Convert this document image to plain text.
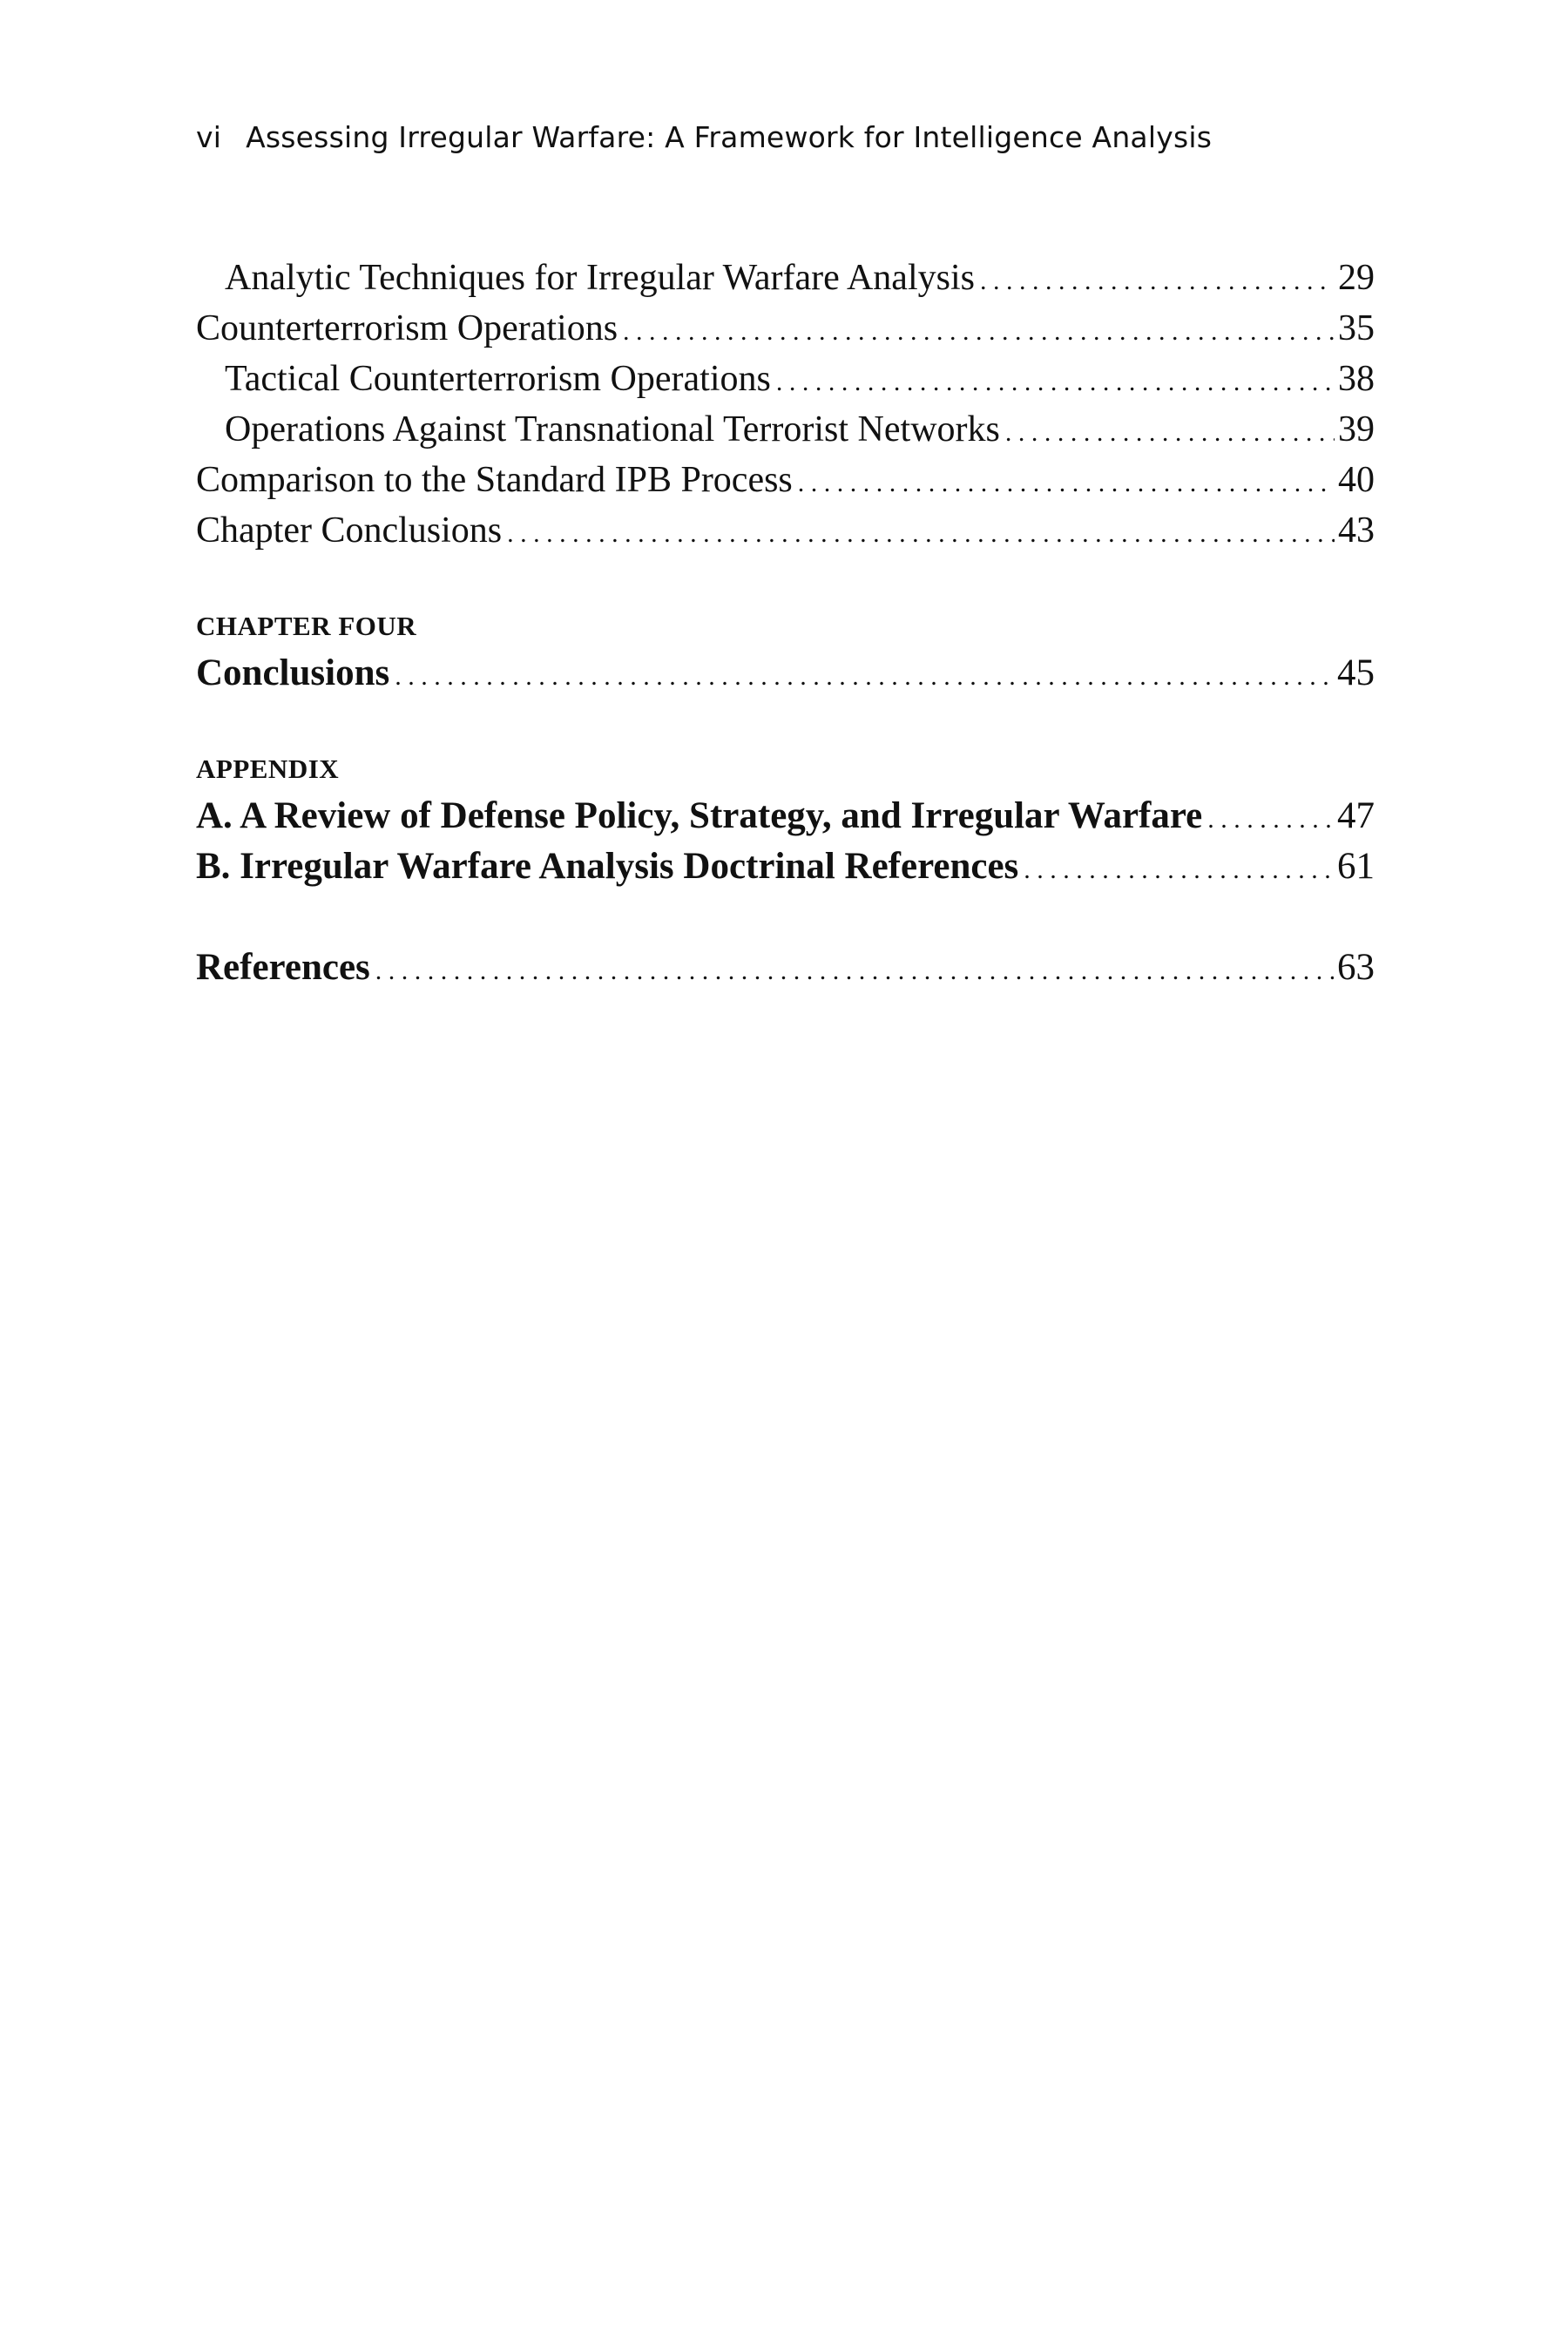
vi Assessing Irregular Warfare: A Framework for Intelligence Analysis
Analytic Techniques for Irregular Warfare Analysis . . .	29
Counterterrorism Operations . . .	35
Tactical Counterterrorism Operations . . .	38
Operations Against Transnational Terrorist Networks . . .	39
Comparison to the Standard IPB Process . . .	40
Chapter Conclusions . . .	43
CHAPTER FOUR
Conclusions . . .	45
APPENDIX
A. A Review of Defense Policy, Strategy, and Irregular Warfare . . .	47
B. Irregular Warfare Analysis Doctrinal References . . .	61
References . . .	63
